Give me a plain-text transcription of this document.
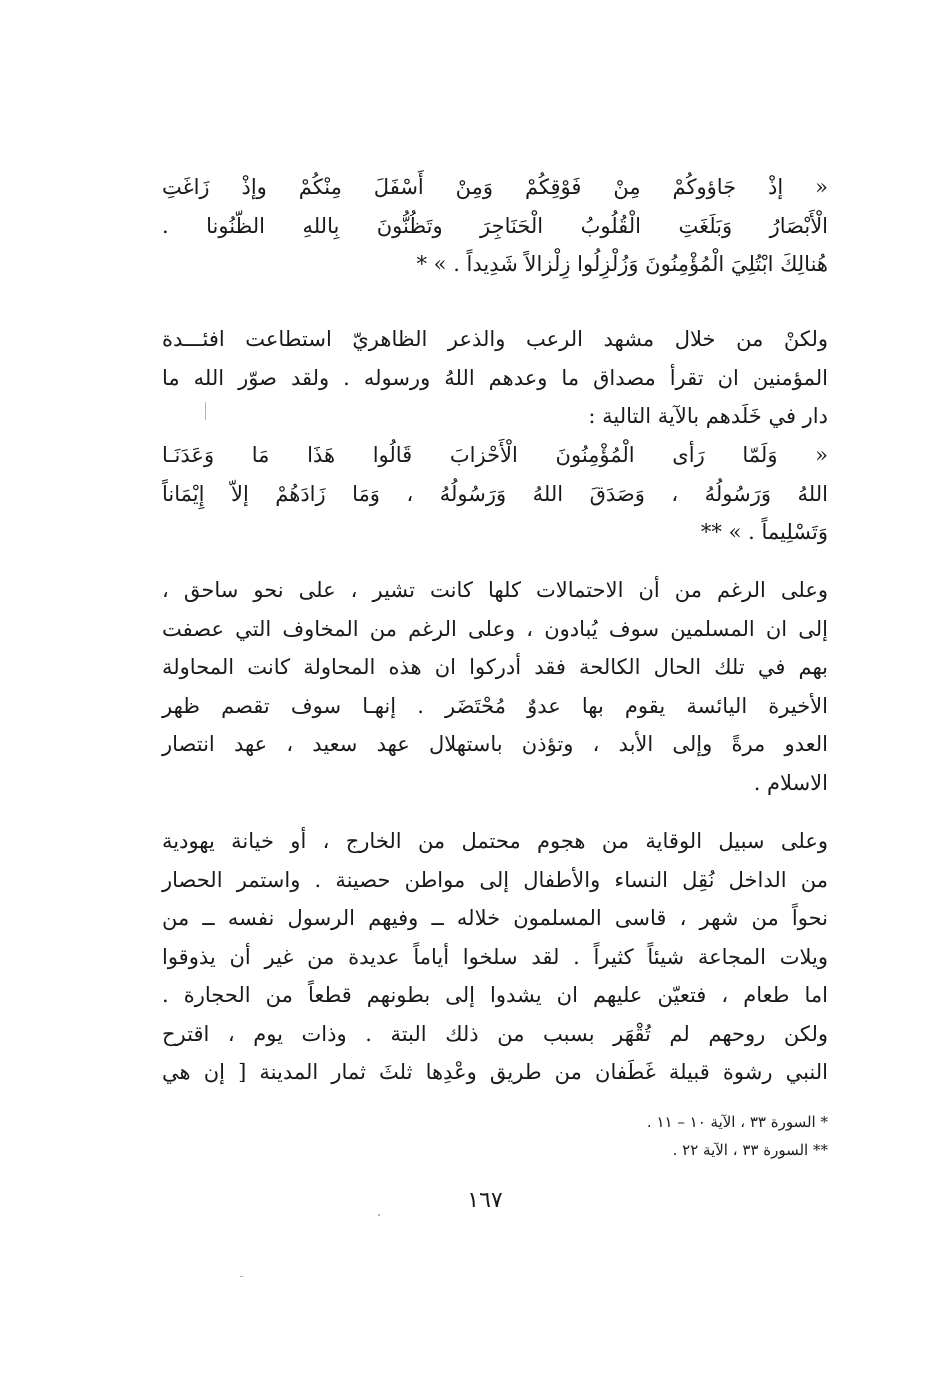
« إذْ جَاؤوكُمْ مِنْ فَوْقِكُمْ وَمِنْ أَسْفَلَ مِنْكُمْ وإذْ زَاغَتِ
الْأَبْصَارُ وَبَلَغَتِ الْقُلُوبُ الْحَنَاجِرَ وتَظُنُّونَ بِاللهِ الظّنُونا .
هُنالِكَ ابْتُلِيَ الْمُؤْمِنُونَ وَزُلْزِلُوا زِلْزالاً شَدِيداً . » *
ولكنْ من خلال مشهد الرعب والذعر الظاهريّ استطاعت افئـــدة
المؤمنين ان تقرأ مصداق ما وعدهم اللهُ ورسوله . ولقد صوّر الله ما
دار في خَلَدهم بالآية التالية :
« وَلَمّا رَأى الْمُؤْمِنُونَ الْأَحْزابَ قَالُوا هَذَا مَا وَعَدَنَـا
اللهُ وَرَسُولُهُ ، وَصَدَقَ اللهُ وَرَسُولُهُ ، وَمَا زَادَهُمْ إلاّ إِيْمَاناً
وَتَسْلِيماً . » **
وعلى الرغم من أن الاحتمالات كلها كانت تشير ، على نحو ساحق ،
إلى ان المسلمين سوف يُبادون ، وعلى الرغم من المخاوف التي عصفت
بهم في تلك الحال الكالحة فقد أدركوا ان هذه المحاولة كانت المحاولة
الأخيرة اليائسة يقوم بها عدوٌ مُحْتَضَر . إنهـا سوف تقصم ظهر
العدو مرةً وإلى الأبد ، وتؤذن باستهلال عهد سعيد ، عهد انتصار
الاسلام .
وعلى سبيل الوقاية من هجوم محتمل من الخارج ، أو خيانة يهودية
من الداخل نُقِل النساء والأطفال إلى مواطن حصينة . واستمر الحصار
نحواً من شهر ، قاسى المسلمون خلاله ــ وفيهم الرسول نفسه ــ من
ويلات المجاعة شيئاً كثيراً . لقد سلخوا أياماً عديدة من غير أن يذوقوا
اما طعام ، فتعيّن عليهم ان يشدوا إلى بطونهم قطعاً من الحجارة .
ولكن روحهم لم تُقْهَر بسبب من ذلك البتة . وذات يوم ، اقترح
النبي رشوة قبيلة غَطَفان من طريق وعْدِها ثلثَ ثمار المدينة [ إن هي
* السورة ٣٣ ، الآية ١٠ – ١١ .
** السورة ٣٣ ، الآية ٢٢ .
١٦٧
